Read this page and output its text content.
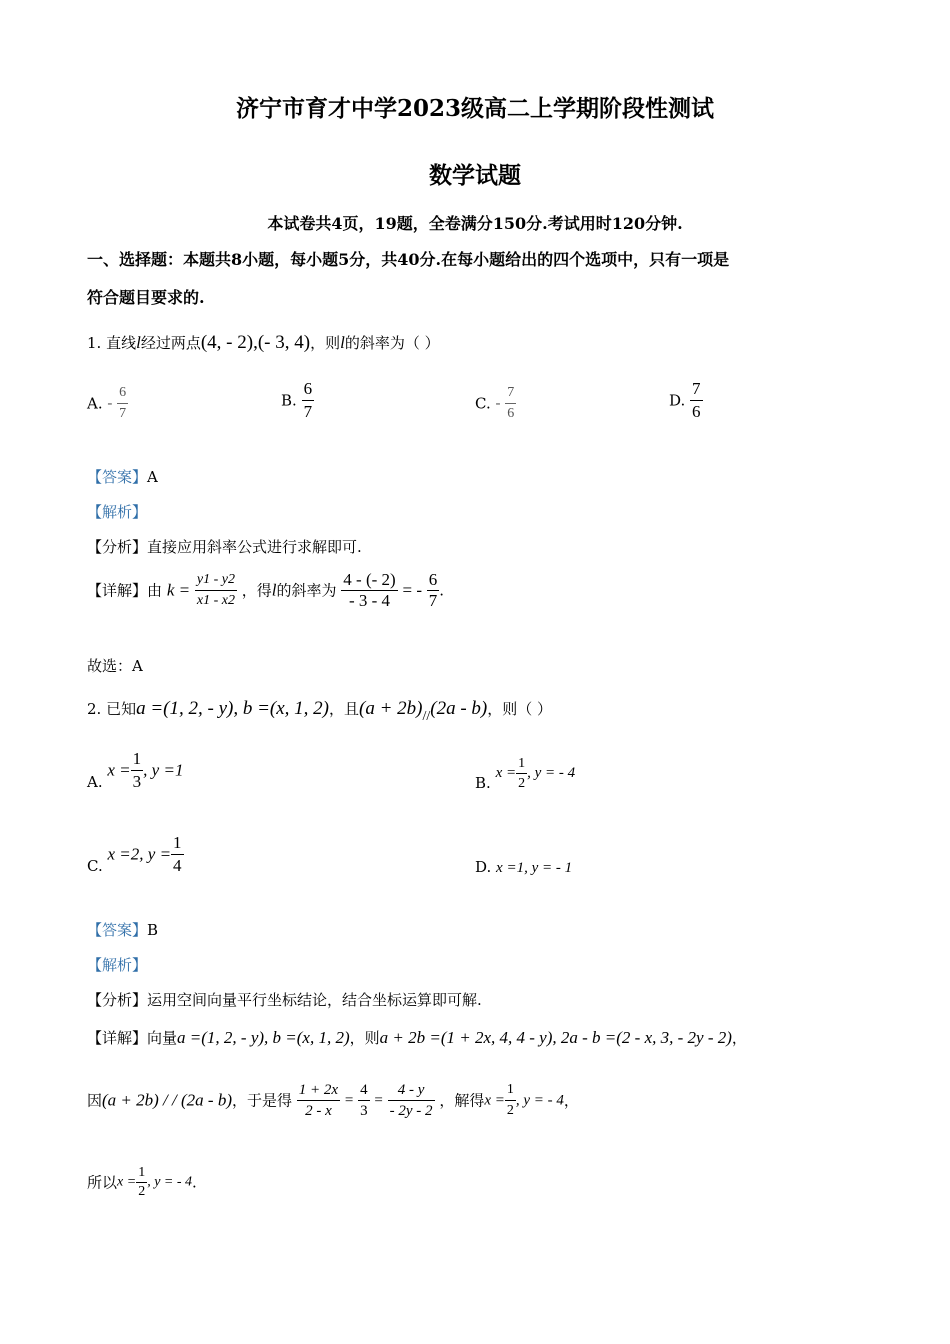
济宁市育才中学2023级高二上学期阶段性测试
数学试题
本试卷共4页，19题，全卷满分150分.考试用时120分钟.
一、选择题：本题共8小题，每小题5分，共40分.在每小题给出的四个选项中，只有一项是
符合题目要求的.
1. 直线l经过两点(4, - 2),(- 3, 4)，则l的斜率为（ ）
A. - $\frac{6}{7}$	B. $\frac{6}{7}$	C. - $\frac{7}{6}$	D. $\frac{7}{6}$
【答案】A
【解析】
【分析】直接应用斜率公式进行求解即可.
【详解】由 $k = \frac{y1 - y2}{x1 - x2}$ ，得l的斜率为 $\frac{4 - (- 2)}{- 3 - 4}$ = - $\frac{6}{7}$ .
故选：A
2. 已知a =(1, 2, - y), b =(x, 1, 2)，且(a + 2b)//(2a - b)，则（ ）
A. $x = \frac{1}{3}$ , y =1
B. $x = \frac{1}{2}$ , y = - 4
C. x =2, $y = \frac{1}{4}$	D. x =1, y = - 1
【答案】B
【解析】
【分析】运用空间向量平行坐标结论，结合坐标运算即可解.
【详解】向量a =(1, 2, - y), b =(x, 1, 2)，则a + 2b =(1 + 2x, 4, 4 - y), 2a - b =(2 - x, 3, - 2y - 2)，
因(a + 2b) / / (2a - b)，于是得 $\frac{1 + 2x}{2 - x} = \frac{4}{3} = \frac{4 - y}{- 2y - 2}$ ，解得$x = \frac{1}{2}$ , y = - 4，
所以$x = \frac{1}{2}$ , y = - 4.
